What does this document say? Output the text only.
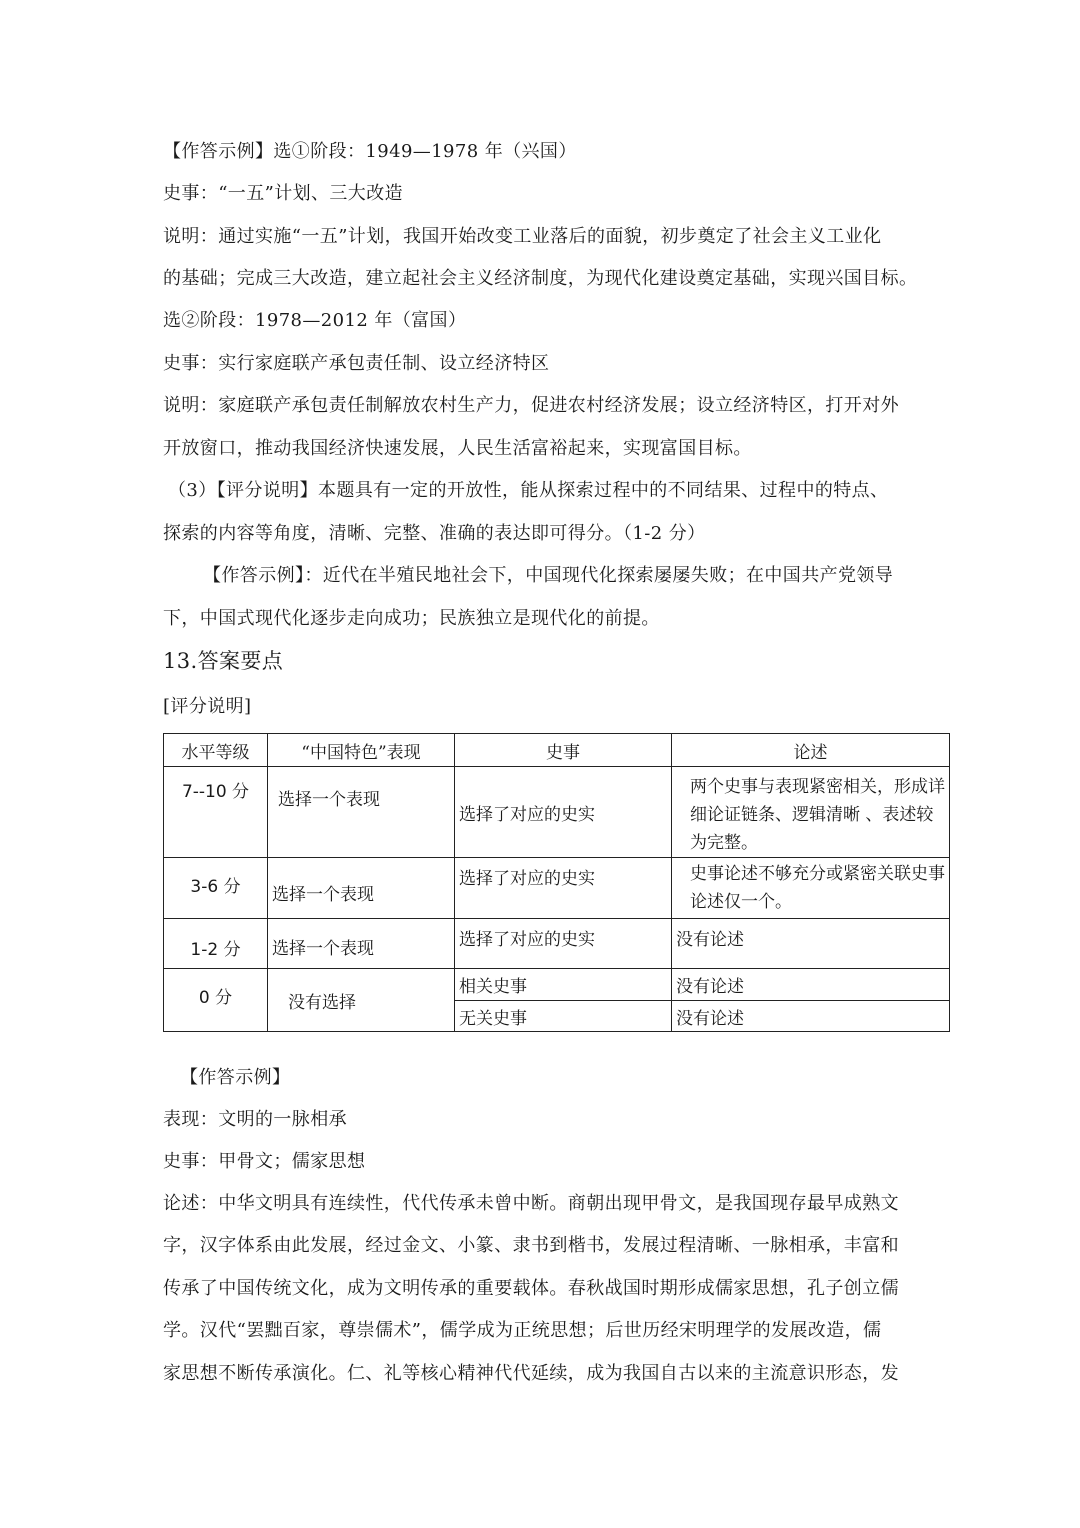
【作答示例】选①阶段：1949—1978 年（兴国）
史事：“一五”计划、三大改造
说明：通过实施“一五”计划，我国开始改变工业落后的面貌，初步奠定了社会主义工业化
的基础；完成三大改造，建立起社会主义经济制度，为现代化建设奠定基础，实现兴国目标。
选②阶段：1978—2012 年（富国）
史事：实行家庭联产承包责任制、设立经济特区
说明：家庭联产承包责任制解放农村生产力，促进农村经济发展；设立经济特区，打开对外
开放窗口，推动我国经济快速发展，人民生活富裕起来，实现富国目标。
（3）【评分说明】本题具有一定的开放性，能从探索过程中的不同结果、过程中的特点、
探索的内容等角度，清晰、完整、准确的表达即可得分。（1-2 分）
【作答示例】：近代在半殖民地社会下，中国现代化探索屡屡失败；在中国共产党领导
下，中国式现代化逐步走向成功；民族独立是现代化的前提。
13.答案要点
[评分说明]
水平等级	“中国特色”表现	史事	论述
7--10 分	选择一个表现	选择了对应的史实	两个史事与表现紧密相关，形成详细论证链条、逻辑清晰 、表述较为完整。
3-6 分	选择一个表现	选择了对应的史实	史事论述不够充分或紧密关联史事论述仅一个。
1-2 分	选择一个表现	选择了对应的史实	没有论述
0 分	没有选择	相关史事	没有论述
		无关史事	没有论述
【作答示例】
表现：文明的一脉相承
史事：甲骨文；儒家思想
论述：中华文明具有连续性，代代传承未曾中断。商朝出现甲骨文，是我国现存最早成熟文
字，汉字体系由此发展，经过金文、小篆、隶书到楷书，发展过程清晰、一脉相承，丰富和
传承了中国传统文化，成为文明传承的重要载体。春秋战国时期形成儒家思想，孔子创立儒
学。汉代“罢黜百家，尊崇儒术”，儒学成为正统思想；后世历经宋明理学的发展改造，儒
家思想不断传承演化。仁、礼等核心精神代代延续，成为我国自古以来的主流意识形态，发
